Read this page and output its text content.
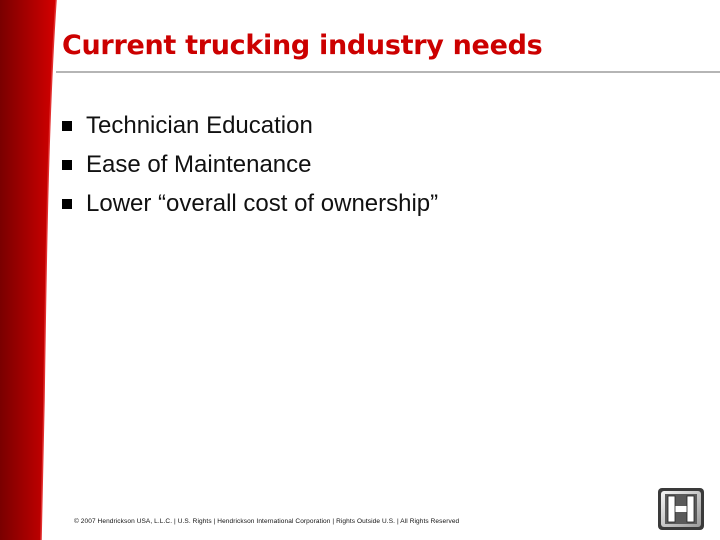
Current trucking industry needs
Technician Education
Ease of Maintenance
Lower “overall cost of ownership”
© 2007 Hendrickson USA, L.L.C. | U.S. Rights | Hendrickson International Corporation | Rights Outside U.S. | All Rights Reserved
